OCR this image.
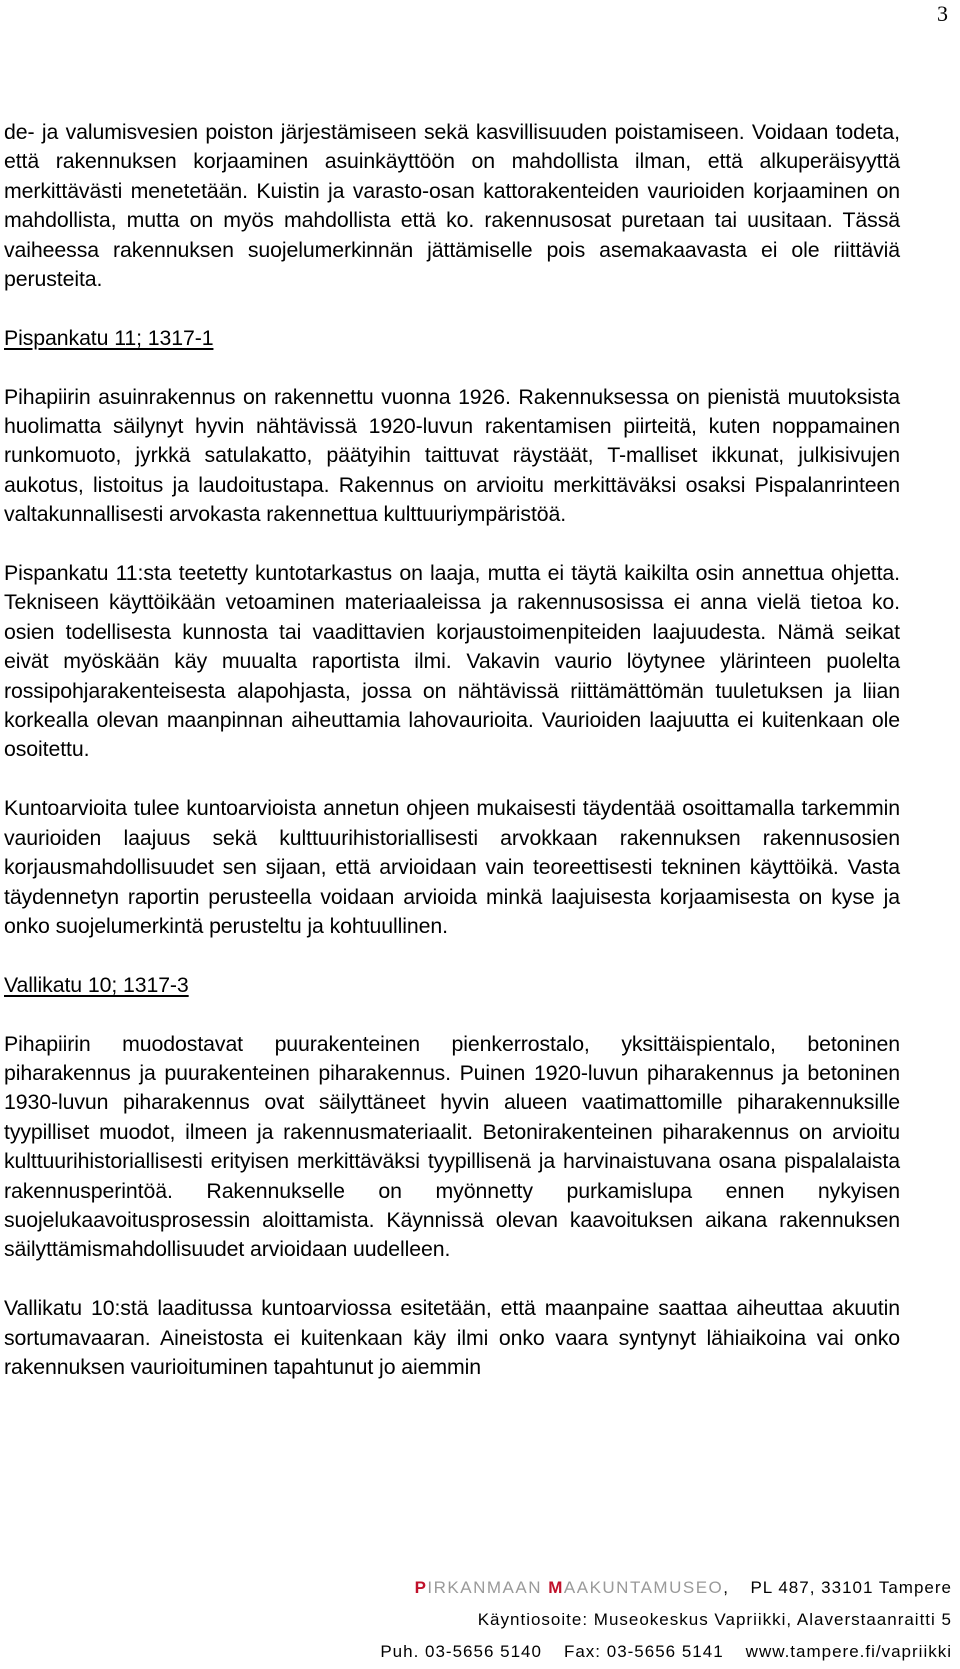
3

de- ja valumisvesien poiston järjestämiseen sekä kasvillisuuden poistamiseen. Voidaan todeta, että rakennuksen korjaaminen asuinkäyttöön on mahdollista ilman, että alkuperäisyyttä merkittävästi menetetään. Kuistin ja varasto-osan kattorakenteiden vaurioiden korjaaminen on mahdollista, mutta on myös mahdollista että ko. rakennusosat puretaan tai uusitaan. Tässä vaiheessa rakennuksen suojelumerkinnän jättämiselle pois asemakaavasta ei ole riittäviä perusteita.

Pispankatu 11; 1317-1

Pihapiirin asuinrakennus on rakennettu vuonna 1926. Rakennuksessa on pienistä muutoksista huolimatta säilynyt hyvin nähtävissä 1920-luvun rakentamisen piirteitä, kuten noppamainen runkomuoto, jyrkkä satulakatto, päätyihin taittuvat räystäät, T-malliset ikkunat, julkisivujen aukotus, listoitus ja laudoitustapa. Rakennus on arvioitu merkittäväksi osaksi Pispalanrinteen valtakunnallisesti arvokasta rakennettua kulttuuriympäristöä.

Pispankatu 11:sta teetetty kuntotarkastus on laaja, mutta ei täytä kaikilta osin annettua ohjetta. Tekniseen käyttöikään vetoaminen materiaaleissa ja rakennusosissa ei anna vielä tietoa ko. osien todellisesta kunnosta tai vaadittavien korjaustoimenpiteiden laajuudesta. Nämä seikat eivät myöskään käy muualta raportista ilmi. Vakavin vaurio löytynee ylärinteen puolelta rossipohjarakenteisesta alapohjasta, jossa on nähtävissä riittämättömän tuuletuksen ja liian korkealla olevan maanpinnan aiheuttamia lahovaurioita. Vaurioiden laajuutta ei kuitenkaan ole osoitettu.

Kuntoarvioita tulee kuntoarvioista annetun ohjeen mukaisesti täydentää osoittamalla tarkemmin vaurioiden laajuus sekä kulttuurihistoriallisesti arvokkaan rakennuksen rakennusosien korjausmahdollisuudet sen sijaan, että arvioidaan vain teoreettisesti tekninen käyttöikä. Vasta täydennetyn raportin perusteella voidaan arvioida minkä laajuisesta korjaamisesta on kyse ja onko suojelumerkintä perusteltu ja kohtuullinen.

Vallikatu 10; 1317-3

Pihapiirin muodostavat puurakenteinen pienkerrostalo, yksittäispientalo, betoninen piharakennus ja puurakenteinen piharakennus. Puinen 1920-luvun piharakennus ja betoninen 1930-luvun piharakennus ovat säilyttäneet hyvin alueen vaatimattomille piharakennuksille tyypilliset muodot, ilmeen ja rakennusmateriaalit. Betonirakenteinen piharakennus on arvioitu kulttuurihistoriallisesti erityisen merkittäväksi tyypillisenä ja harvinaistuvana osana pispalalaista rakennusperintöä. Rakennukselle on myönnetty purkamislupa ennen nykyisen suojelukaavoitusprosessin aloittamista. Käynnissä olevan kaavoituksen aikana rakennuksen säilyttämismahdollisuudet arvioidaan uudelleen.

Vallikatu 10:stä laaditussa kuntoarviossa esitetään, että maanpaine saattaa aiheuttaa akuutin sortumavaaran. Aineistosta ei kuitenkaan käy ilmi onko vaara syntynyt lähiaikoina vai onko rakennuksen vaurioituminen tapahtunut jo aiemmin

PIRKANMAAN MAAKUNTAMUSEO, PL 487, 33101 Tampere
Käyntiosoite: Museokeskus Vapriikki, Alaverstaanraitti 5
Puh. 03-5656 5140 Fax: 03-5656 5141 www.tampere.fi/vapriikki
